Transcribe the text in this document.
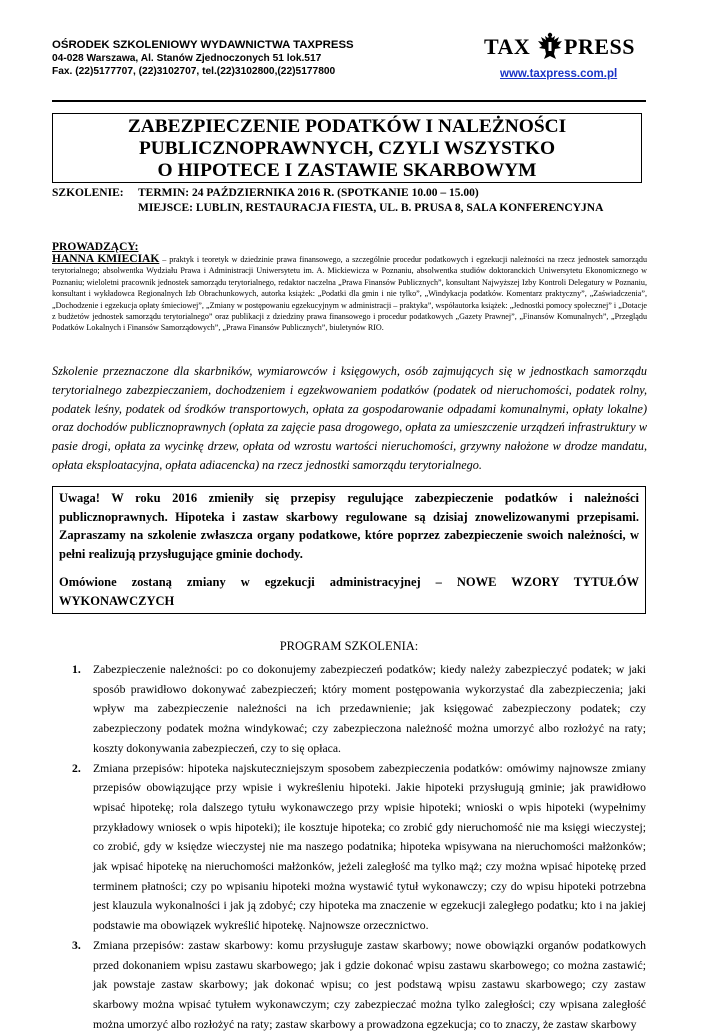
OŚRODEK SZKOLENIOWY WYDAWNICTWA TAXPRESS
04-028 Warszawa, Al. Stanów Zjednoczonych 51 lok.517
Fax. (22)5177707, (22)3102707, tel.(22)3102800,(22)5177800
TAX PRESS
www.taxpress.com.pl
ZABEZPIECZENIE PODATKÓW I NALEŻNOŚCI
PUBLICZNOPRAWNYCH, CZYLI WSZYSTKO
O HIPOTECE I ZASTAWIE SKARBOWYM
SZKOLENIE: TERMIN: 24 PAŹDZIERNIKA 2016 R. (SPOTKANIE 10.00 – 15.00)
MIEJSCE: LUBLIN, RESTAURACJA FIESTA, UL. B. PRUSA 8, SALA KONFERENCYJNA
PROWADZĄCY:
HANNA KMIECIAK – praktyk i teoretyk w dziedzinie prawa finansowego, a szczególnie procedur podatkowych i egzekucji należności na rzecz jednostek samorządu terytorialnego; absolwentka Wydziału Prawa i Administracji Uniwersytetu im. A. Mickiewicza w Poznaniu, absolwentka studiów doktoranckich Uniwersytetu Ekonomicznego w Poznaniu; wieloletni pracownik jednostek samorządu terytorialnego, redaktor naczelna „Prawa Finansów Publicznych”, konsultant Najwyższej Izby Kontroli Delegatury w Poznaniu, konsultant i wykładowca Regionalnych Izb Obrachunkowych, autorka książek: „Podatki dla gmin i nie tylko”, „Windykacja podatków. Komentarz praktyczny”, „Zaświadczenia”, „Dochodzenie i egzekucja opłaty śmieciowej”, „Zmiany w postępowaniu egzekucyjnym w administracji – praktyka”, współautorka książek: „Jednostki pomocy społecznej” i „Dotacje z budżetów jednostek samorządu terytorialnego” oraz publikacji z dziedziny prawa finansowego i procedur podatkowych „Gazety Prawnej”, „Finansów Komunalnych”, „Przeglądu Podatków Lokalnych i Finansów Samorządowych”, „Prawa Finansów Publicznych”, biuletynów RIO.
Szkolenie przeznaczone dla skarbników, wymiarowców i księgowych, osób zajmujących się w jednostkach samorządu terytorialnego zabezpieczaniem, dochodzeniem i egzekwowaniem podatków (podatek od nieruchomości, podatek rolny, podatek leśny, podatek od środków transportowych, opłata za gospodarowanie odpadami komunalnymi, opłaty lokalne) oraz dochodów publicznoprawnych (opłata za zajęcie pasa drogowego, opłata za umieszczenie urządzeń infrastruktury w pasie drogi, opłata za wycinkę drzew, opłata od wzrostu wartości nieruchomości, grzywny nałożone w drodze mandatu, opłata eksploatacyjna, opłata adiacencka) na rzecz jednostki samorządu terytorialnego.

Uwaga! W roku 2016 zmieniły się przepisy regulujące zabezpieczenie podatków i należności publicznoprawnych. Hipoteka i zastaw skarbowy regulowane są dzisiaj znowelizowanymi przepisami. Zapraszamy na szkolenie zwłaszcza organy podatkowe, które poprzez zabezpieczenie swoich należności, w pełni realizują przysługujące gminie dochody.

Omówione zostaną zmiany w egzekucji administracyjnej – NOWE WZORY TYTUŁÓW WYKONAWCZYCH

PROGRAM SZKOLENIA:
1. Zabezpieczenie należności: po co dokonujemy zabezpieczeń podatków; kiedy należy zabezpieczyć podatek; w jaki sposób prawidłowo dokonywać zabezpieczeń; który moment postępowania wykorzystać dla zabezpieczenia; jaki wpływ ma zabezpieczenie należności na ich przedawnienie; jak księgować zabezpieczony podatek; czy zabezpieczony podatek można windykować; czy zabezpieczona należność można umorzyć albo rozłożyć na raty; koszty dokonywania zabezpieczeń, czy to się opłaca.
2. Zmiana przepisów: hipoteka najskuteczniejszym sposobem zabezpieczenia podatków: omówimy najnowsze zmiany przepisów obowiązujące przy wpisie i wykreśleniu hipoteki. Jakie hipoteki przysługują gminie; jak prawidłowo wpisać hipotekę; rola dalszego tytułu wykonawczego przy wpisie hipoteki; wnioski o wpis hipoteki (wypełnimy przykładowy wniosek o wpis hipoteki); ile kosztuje hipoteka; co zrobić gdy nieruchomość nie ma księgi wieczystej; co zrobić, gdy w księdze wieczystej nie ma naszego podatnika; hipoteka wpisywana na nieruchomości małżonków; jak wpisać hipotekę na nieruchomości małżonków, jeżeli zaległość ma tylko mąż; czy można wpisać hipotekę przed terminem płatności; czy po wpisaniu hipoteki można wystawić tytuł wykonawczy; czy do wpisu hipoteki potrzebna jest klauzula wykonalności i jak ją zdobyć; czy hipoteka ma znaczenie w egzekucji zaległego podatku; kto i na jakiej podstawie ma obowiązek wykreślić hipotekę. Najnowsze orzecznictwo.
3. Zmiana przepisów: zastaw skarbowy: komu przysługuje zastaw skarbowy; nowe obowiązki organów podatkowych przed dokonaniem wpisu zastawu skarbowego; jak i gdzie dokonać wpisu zastawu skarbowego; co można zastawić; jak powstaje zastaw skarbowy; jak dokonać wpisu; co jest podstawą wpisu zastawu skarbowego; czy zastaw skarbowy można wpisać tytułem wykonawczym; czy zabezpieczać można tylko zaległości; czy wpisana zaległość można umorzyć albo rozłożyć na raty; zastaw skarbowy a prowadzona egzekucja; co to znaczy, że zastaw skarbowy
